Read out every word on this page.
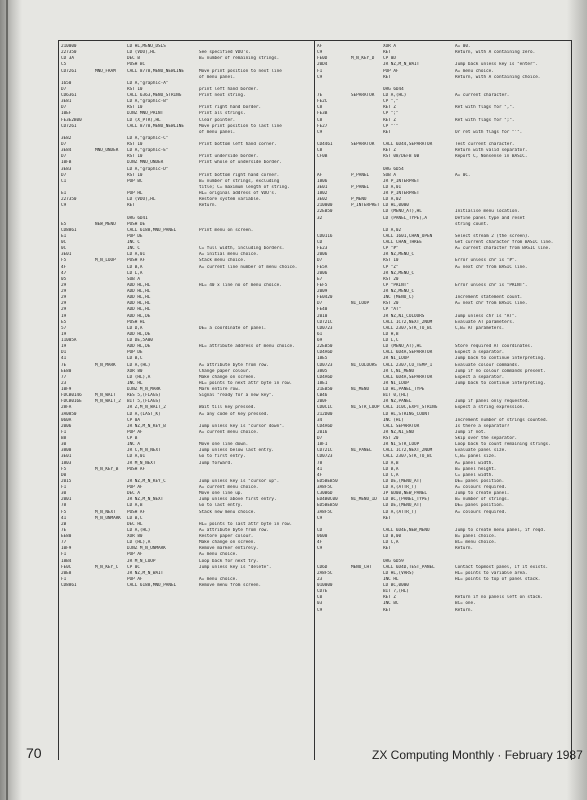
210000	LD HL,MENU_DSLS
227350	LD (VDU),HL	See specified VDU's.
CD 3A	DEC B	B= number of remaining strings.
C5	PUSH BC
CD7261	MNU_FRAM	CALL 8778,MENU_NEWLINE	Move print position to next line
of menu panel.
1650	LD A,"graphic-A"
D7	RST 10	print left hand border.
CD6361	CALL 6363,MENU_STRING	Print next string.
3E81	LD A,"graphic-B"
D7	RST 10	Print right hand border.
10EF	DJNZ MNU_PRINT	Print all strings.
FE3E2B00	LD (X_PTR),HL	Clear pointer.
CD7261	CALL 8778,MENU_NEWLINE	Move print position to last line
of menu panel.
3E82	LD A,"graphic-C"
D7	RST 10	Print bottom left hand corner.
3E84	MNU_UNDER	LD A,"graphic-E"
D7	RST 10	Print underside border.
10FB	DJNZ MNU_UNDER	Print whole of underside border.
3E83	LD A,"graphic-D"
D7	RST 10	Print bottom right hand corner.
C1	POP BC	B= number of strings, excluding
title; C= maximum length of string.
E1	POP HL	HL= original address of VDU's.
227350	LD (VDU),HL	Restore system variable.
C9	RET	Return.
ORG 6D41
E5	NEW_MENU	PUSH DE
CD8861	CALL 6188,MNU_PANEL	Print menu on screen.
E1	POP DE
0C	INC C
0C	INC C	C= full width, including borders.
3E01	LD A,01	A= initial menu choice.
F5	M_N_LOOP	PUSH AF	Stack menu choice.
4F	LD B,A	A= current line number of menu choice.
47	LD L,A
05	SUB A
29	ADD HL,HL	HL= 40 x line no of menu choice.
29	ADD HL,HL
29	ADD HL,HL
29	ADD HL,HL
29	ADD HL,HL
19	ADD HL,DE
E5	PUSH HL
57	LD D,A	DE= a coordinate of panel.
19	ADD HL,DE
11005A	LD DE,5A00
19	ADD HL,DE	HL= attribute address of menu choice.
D1	POP DE
41	LD B,C
7E	M_N_MARK	LD A,(HL)	A= attribute byte from row.
EE80	XOR 80	Change paper colour.
77	LD (HL),A	Make change on screen.
23	INC HL	HL= points to next attr byte in row.
10F9	DJNZ M_N_MARK	Mark entire row.
FDCB0146	M_N_WAIT	RES 5,(FLAGS)	Signal "ready for a new key".
FDCB016E	M_N_WAIT_2	BIT 5,(FLAGS)
28FA	JR Z,M_N_WAIT_2	Wait till key pressed.
3A0850	LD A,(LAST_K)	A= any code of key pressed.
060A	CP 0A
2006	JR NZ,M_N_KEY_B	Jump unless key is "cursor down".
F1	POP AF	A= current menu choice.
B8	CP B
30	INC A	Move one line down.
3800	JR C,M_N_NEXT	Jump unless below last entry.
3E01	LD A,01	Go to first entry.
1803	JR M_N_NEXT	Jump forward.
F5	M_N_KEY_B	PUSH AF
D0
2015	JR NZ,M_N_KEY_C	Jump unless key is "cursor up".
F1	POP AF	A= current menu choice.
30	DEC A	Move one line up.
2001	JR NZ,M_N_NEXT	Jump unless above first entry.
78	LD A,B	Go to last entry.
F5	M_N_NEXT	PUSH AF	Stack new menu choice.
41	M_N_UNMARK	LD B,C
2B	DEC HL	HL= points to last attr byte in row.
7E	LD A,(HL)	A= attribute byte from row.
EE80	XOR 80	Restore paper colour.
77	LD (HL),A	Make change on screen.
10F9	DJNZ M_N_UNMARK	Remove marker entirely.
F1	POP AF	A= menu choice.
18B4	JR M_N_LOOP	Loop back for next try.
FE0C	M_N_KEY_C	CP 0C	Jump unless key is "delete".
20E8	JR NZ,M_N_WAIT
F1	POP AF	A= menu choice.
CD8861	CALL 6188,MNU_PANEL	Remove menu from screen.
AF	XOR A	A= 00.
C9	RET	Return, with A containing zero.
FE0D	M_N_KEY_D	CP 0D
20D4	JR NZ,M_N_WAIT	Jump back unless key is "enter".
F1	POP AF	A= menu choice.
C9	RET	Return, with A containing choice.
ORG 6D44
7E	SEPARATOR	LD A,(HL)	A= current character.
FE2C	CP ","
C8	RET Z	Ret with flags for ",".
FE3B	CP ";"
C8	RET Z	Ret with flags for ";".
FE27	CP "'"
C9	RET	Or ret with flags for "'".
CD4461	SEPARATOR	CALL 6D44,SEPARATOR	Test current character.
C8	RET Z	Return with valid separator.
CF0B	RST 08/DEFB 0B	Report C, Nonsense in BASIC.
ORG 6D54
AF	P_PANEL	SUB A	A= 0C.
1806	JR P_INTERPRET
3E01	P_PANEL	LD A,01
1802	JR P_INTERPRET
3E02	P_MENU	LD A,02
210000	P_INTERPRET LD HL,0000
22EB50	LD (MENU_AT),HL	Initialise menu location.
32	LD (PANEL_TYPE),A	Define panel type and reset
string count.
LD A,02
CD0116	CALL 1601,CHAN_OPEN	Select stream 2 (the screen).
CD	CALL CHAN_THREE	Get current character from BASIC line.
FE23	CP "#"	A= current character from BASIC line.
2006	JR NZ,MENU_C
D7	RST 10	Error unless chr is "#".
FE5A	CP "Z"	A= next chr from BASIC line.
2006	JR NZ,MENU_C
E7	RST 20
FEF5	CP "PRINT"	Error unless chr is "PRINT".
2009	JR NZ,MENU_C
FE0420	INC (MENU_C)	Increment statement count.
D7	NI_LOOP	RST 20	A= next chr from BASIC line.
FE40	CP "AT"
2010	JR NZ,NI_COLOURS	Jump unless chr is "AT".
CD721C	CALL 1C72,NEXT_2NUM	Evaluate AT parameters.
CD0723	CALL 2307,STK_TO_BC	C,B= AT parameters.
61	LD H,B
69	LD L,C
22EB50	LD (MENU_AT),HL	Store required AT coordinates.
CD4A6D	CALL 6D4A,SEPARATOR	Expect a separator.
18E5	JR NI_LOOP	Jump back to continue interpreting.
CD0723	NI_COLOURS	CALL 2307,CO_TEMP_1	Evaluate colour commands.
3805	JR C,NI_MENU	Jump if no colour commands present.
CD4A6D	CALL 6D4A,SEPARATOR	Expect a separator.
18E1	JR NI_LOOP	Jump back to continue interpreting.
21EB50	NI_MENU	LD HL,PANEL_TYPE
CB46	BIT 0,(HL)
200F	JR NZ,PANEL	Jump if panel only requested.
CD0C1C	NI_STR_LOOP CALL 1C0C,EXPT_STRING	Expect a string expression.
212D00	LD HL,STRING_COUNT
34	INC (HL)	Increment number of strings counted.
CD4A6D	CALL SEPARATOR	Is there a separator?
2016	JR NZ,NI_END	Jump if not.
D7	RST 20	Skip over the separator.
18F1	JR NI_STR_LOOP	Loop back to count remaining strings.
CD721C	NI_PANEL	CALL 1C72,NEXT_2NUM	Evaluate panel size.
CD0723	CALL 2307,STK_TO_BC	C,B= panel size.
78	LD A,B	A= panel width.
41	LD B,A	B= panel height.
4F	LD C,A	C= panel width.
ED5BEB50	LD DE,(MENU_AT)	DE= panel position.
3A8F5C	LD A,(ATTR_T)	A= colours required.
C30B6D	JP 6D0B,NEW_PANEL	Jump to create panel.
ED4B0C00	NI_MENU_ID	LD BC,(PANEL_TYPE)	B= number of strings.
ED5BEB50	LD DE,(MENU_AT)	DE= panel position.
3A8F5C	LD A,(ATTR_T)	A= colours required.
C9	RET
CD	CALL 6D4E,NEW_MENU	Jump to create menu panel, if reqd.
0600	LD B,00	B= panel choice.
4F	LD C,A	BC= menu choice.
C9	RET	Return.
ORG 6D59
CD6D	MENU_CHT	CALL 6D4D,TEST_PANEL	Contact topmost panel, if it exists.
2A8F5C	LD HL,(VARS)	HL= points to variable area.
23	INC HL	HL= points to top of panel stack.
010000	LD BC,0000
CD7E	BIT 7,(HL)
C0	RET Z	Return if no panels left on stack.
03	INC BC	BC= one.
C9	RET	Return.
70	ZX Computing Monthly · February 1987
